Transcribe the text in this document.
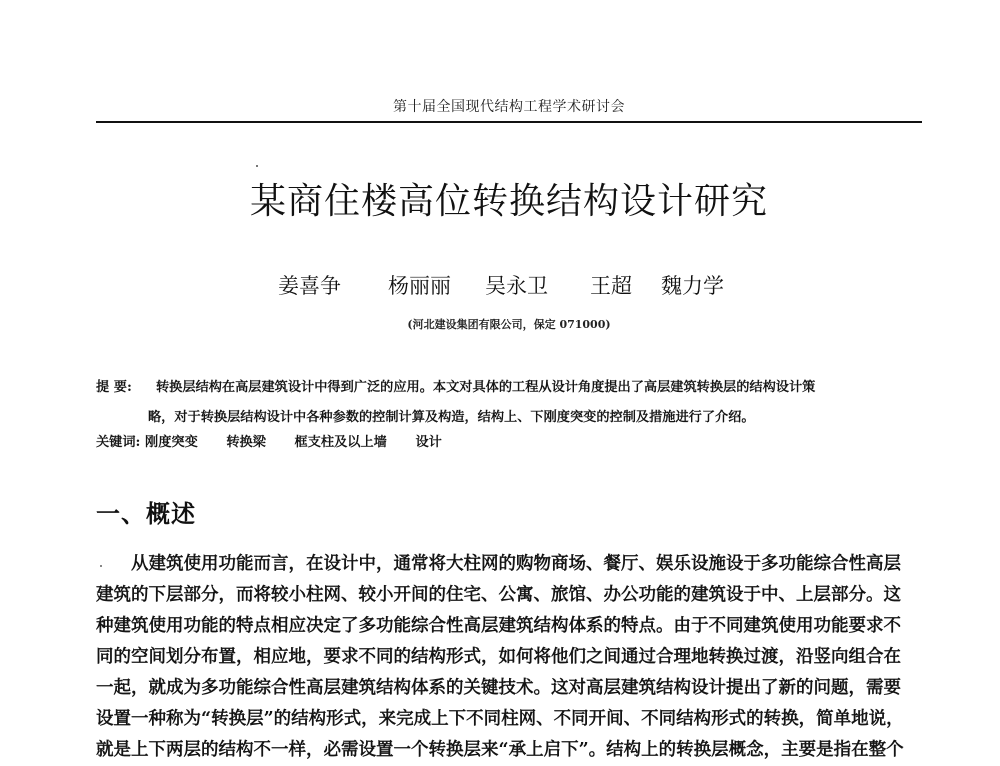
第十届全国现代结构工程学术研讨会
某商住楼高位转换结构设计研究
姜喜争 杨丽丽 吴永卫 王超 魏力学
(河北建设集团有限公司，保定 071000)
提 要: 转换层结构在高层建筑设计中得到广泛的应用。本文对具体的工程从设计角度提出了高层建筑转换层的结构设计策
略，对于转换层结构设计中各种参数的控制计算及构造，结构上、下刚度突变的控制及措施进行了介绍。
关键词: 刚度突变 转换梁 框支柱及以上墙 设计
一、概述
从建筑使用功能而言，在设计中，通常将大柱网的购物商场、餐厅、娱乐设施设于多功能综合性高层
建筑的下层部分，而将较小柱网、较小开间的住宅、公寓、旅馆、办公功能的建筑设于中、上层部分。这
种建筑使用功能的特点相应决定了多功能综合性高层建筑结构体系的特点。由于不同建筑使用功能要求不
同的空间划分布置，相应地，要求不同的结构形式，如何将他们之间通过合理地转换过渡，沿竖向组合在
一起，就成为多功能综合性高层建筑结构体系的关键技术。这对高层建筑结构设计提出了新的问题，需要
设置一种称为“转换层”的结构形式，来完成上下不同柱网、不同开间、不同结构形式的转换，简单地说，
就是上下两层的结构不一样，必需设置一个转换层来“承上启下”。结构上的转换层概念，主要是指在整个
